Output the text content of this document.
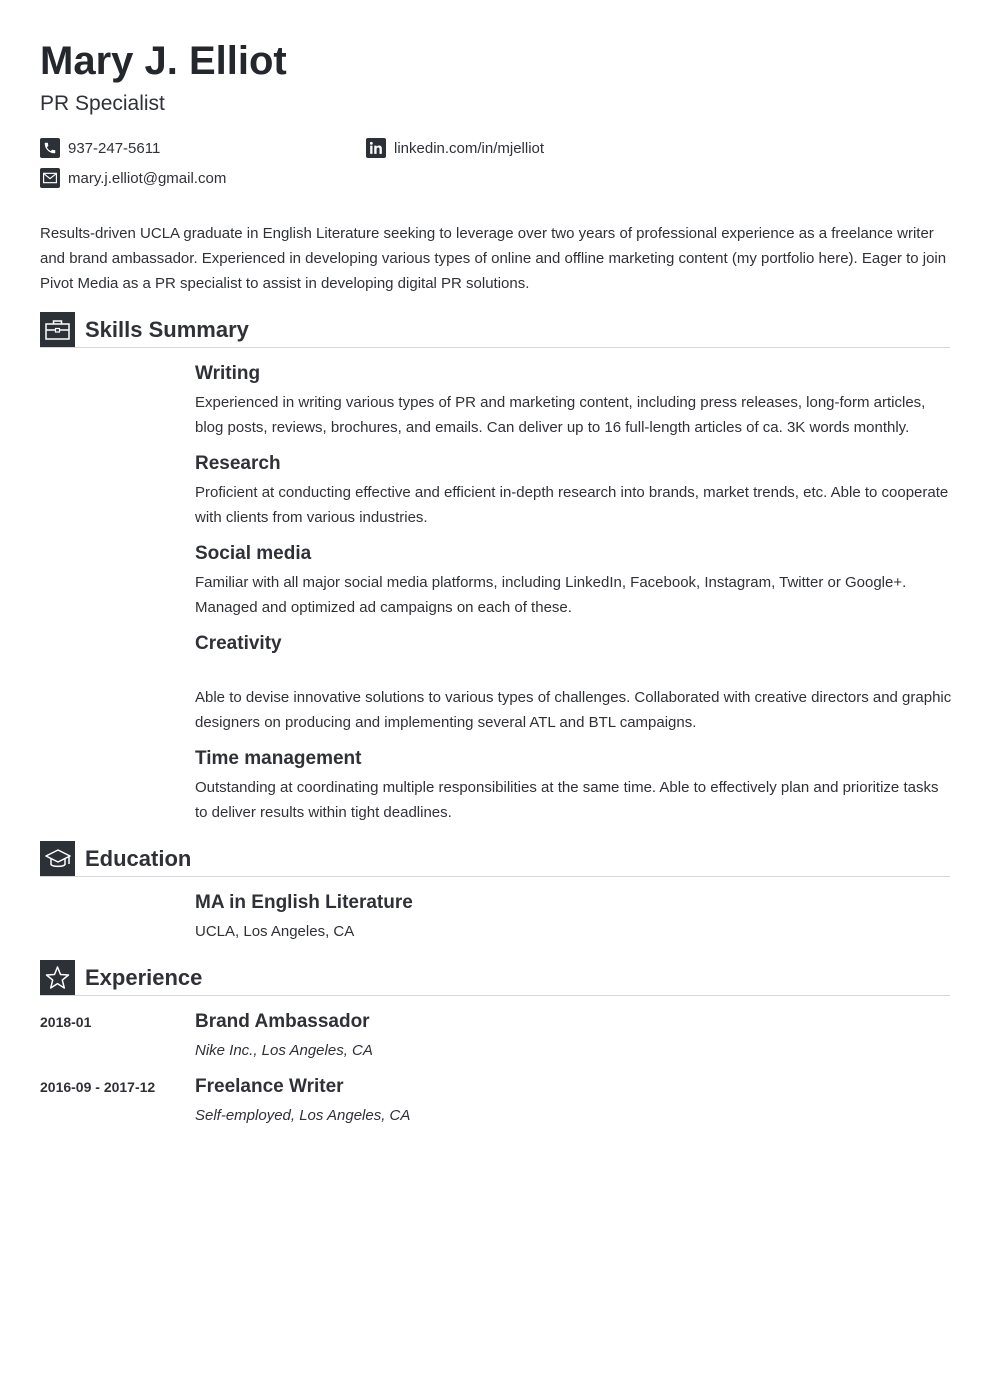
Mary J. Elliot
PR Specialist
937-247-5611
mary.j.elliot@gmail.com
linkedin.com/in/mjelliot

Results-driven UCLA graduate in English Literature seeking to leverage over two years of professional experience as a freelance writer and brand ambassador. Experienced in developing various types of online and offline marketing content (my portfolio here). Eager to join Pivot Media as a PR specialist to assist in developing digital PR solutions.

Skills Summary
Writing

Experienced in writing various types of PR and marketing content, including press releases, long-form articles, blog posts, reviews, brochures, and emails. Can deliver up to 16 full-length articles of ca. 3K words monthly.

Research

Proficient at conducting effective and efficient in-depth research into brands, market trends, etc. Able to cooperate with clients from various industries.

Social media

Familiar with all major social media platforms, including LinkedIn, Facebook, Instagram, Twitter or Google+. Managed and optimized ad campaigns on each of these.

Creativity

Able to devise innovative solutions to various types of challenges. Collaborated with creative directors and graphic designers on producing and implementing several ATL and BTL campaigns.

Time management

Outstanding at coordinating multiple responsibilities at the same time. Able to effectively plan and prioritize tasks to deliver results within tight deadlines.

Education
MA in English Literature
UCLA, Los Angeles, CA
Experience
2018-01	Brand Ambassador
Nike Inc., Los Angeles, CA
2016-09 - 2017-12 Freelance Writer
Self-employed, Los Angeles, CA
